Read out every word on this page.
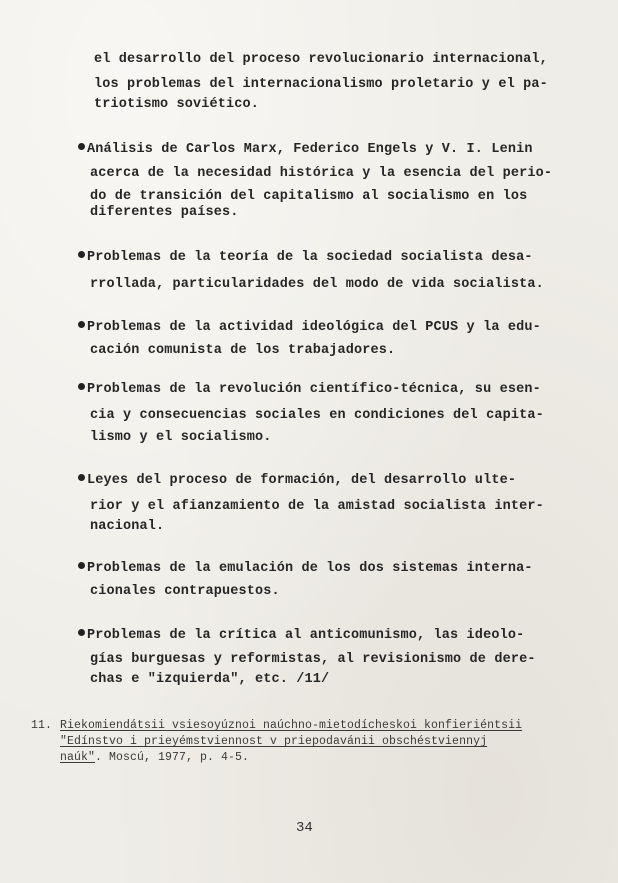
el desarrollo del proceso revolucionario internacional,
los problemas del internacionalismo proletario y el pa-
triotismo soviético.
Análisis de Carlos Marx, Federico Engels y V. I. Lenin
acerca de la necesidad histórica y la esencia del perio-
do de transición del capitalismo al socialismo en los
diferentes países.
Problemas de la teoría de la sociedad socialista desa-
rrollada, particularidades del modo de vida socialista.
Problemas de la actividad ideológica del PCUS y la edu-
cación comunista de los trabajadores.
Problemas de la revolución científico-técnica, su esen-
cia y consecuencias sociales en condiciones del capita-
lismo y el socialismo.
Leyes del proceso de formación, del desarrollo ulte-
rior y el afianzamiento de la amistad socialista inter-
nacional.
Problemas de la emulación de los dos sistemas interna-
cionales contrapuestos.
Problemas de la crítica al anticomunismo, las ideolo-
gías burguesas y reformistas, al revisionismo de dere-
chas e "izquierda", etc. /11/
11. Riekomiendátsii vsiesoyúznoi naúchno-mietodícheskoi konfieriéntsii
"Edínstvo i prieyémstviennost v priepodavánii obschéstviennyj
naúk". Moscú, 1977, p. 4-5.
34
